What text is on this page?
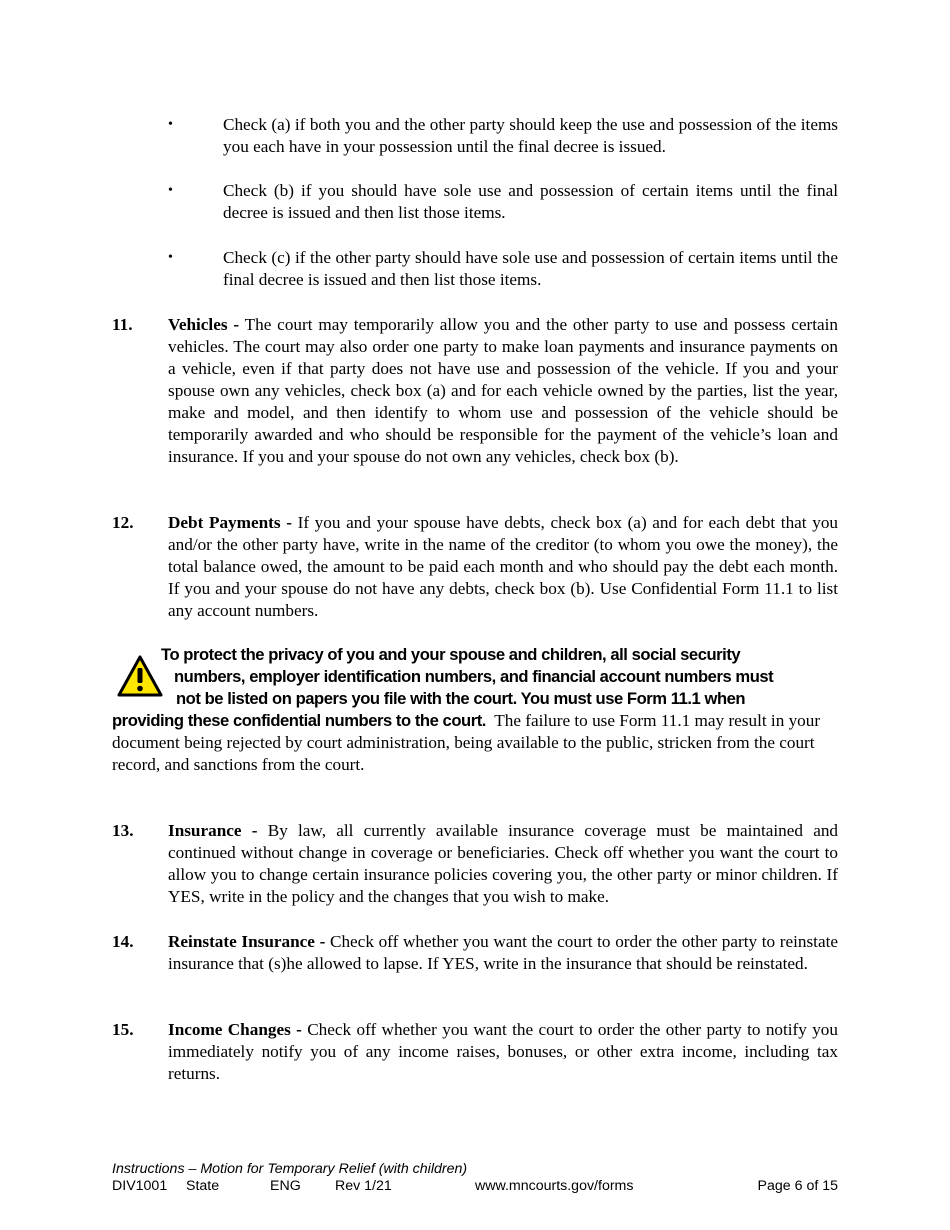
•	Check (a) if both you and the other party should keep the use and possession of the items you each have in your possession until the final decree is issued.
•	Check (b) if you should have sole use and possession of certain items until the final decree is issued and then list those items.
•	Check (c) if the other party should have sole use and possession of certain items until the final decree is issued and then list those items.
11. Vehicles - The court may temporarily allow you and the other party to use and possess certain vehicles. The court may also order one party to make loan payments and insurance payments on a vehicle, even if that party does not have use and possession of the vehicle. If you and your spouse own any vehicles, check box (a) and for each vehicle owned by the parties, list the year, make and model, and then identify to whom use and possession of the vehicle should be temporarily awarded and who should be responsible for the payment of the vehicle’s loan and insurance. If you and your spouse do not own any vehicles, check box (b).
12. Debt Payments - If you and your spouse have debts, check box (a) and for each debt that you and/or the other party have, write in the name of the creditor (to whom you owe the money), the total balance owed, the amount to be paid each month and who should pay the debt each month. If you and your spouse do not have any debts, check box (b). Use Confidential Form 11.1 to list any account numbers.
To protect the privacy of you and your spouse and children, all social security
numbers, employer identification numbers, and financial account numbers must
not be listed on papers you file with the court. You must use Form 11.1 when
providing these confidential numbers to the court. The failure to use Form 11.1 may result in your document being rejected by court administration, being available to the public, stricken from the court record, and sanctions from the court.
13. Insurance - By law, all currently available insurance coverage must be maintained and continued without change in coverage or beneficiaries. Check off whether you want the court to allow you to change certain insurance policies covering you, the other party or minor children. If YES, write in the policy and the changes that you wish to make.
14. Reinstate Insurance - Check off whether you want the court to order the other party to reinstate insurance that (s)he allowed to lapse. If YES, write in the insurance that should be reinstated.
15. Income Changes - Check off whether you want the court to order the other party to notify you immediately notify you of any income raises, bonuses, or other extra income, including tax returns.
Instructions – Motion for Temporary Relief (with children)
DIV1001 State	ENG Rev 1/21	www.mncourts.gov/forms	Page 6 of 15
